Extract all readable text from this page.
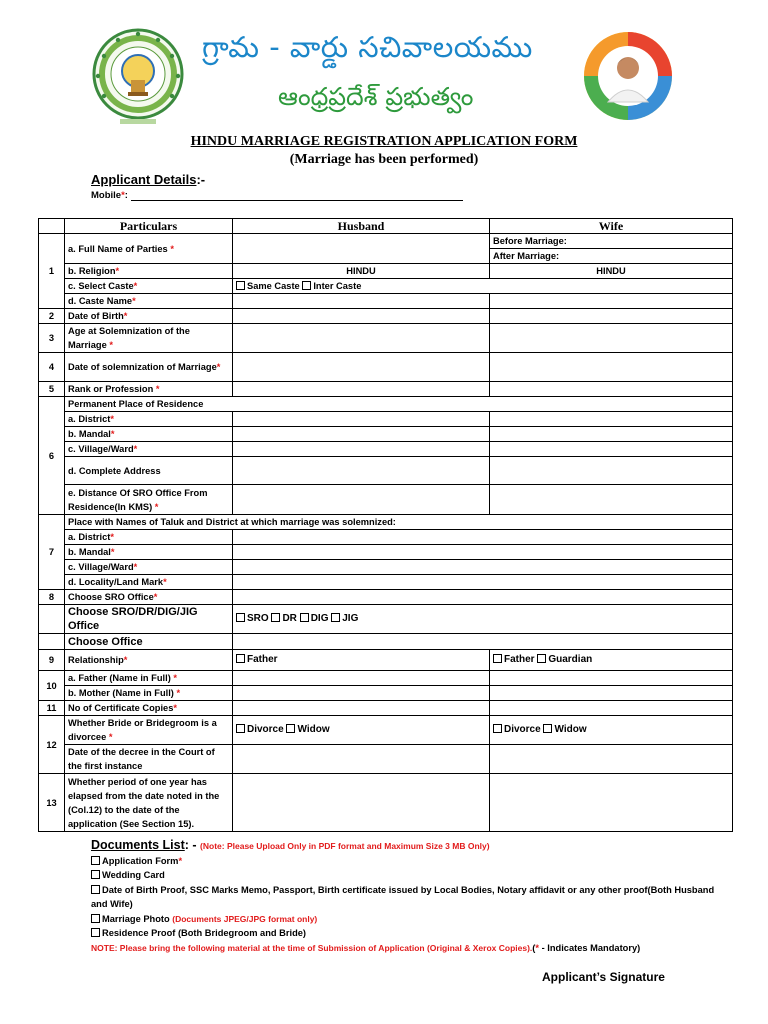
గ్రామ - వార్డు సచివాలయము
ఆంధ్రప్రదేశ్ ప్రభుత్వం
HINDU MARRIAGE REGISTRATION APPLICATION FORM
(Marriage has been performed)
Applicant Details:-
Mobile*:
	Particulars	Husband	Wife
1	a. Full Name of Parties *		Before Marriage:
			After Marriage:
	b. Religion*	HINDU	HINDU
	c. Select Caste*	Same Caste Inter Caste	
	d. Caste Name*		
2	Date of Birth*		
3	Age at Solemnization of the Marriage *		
4	Date of solemnization of Marriage*		
5	Rank or Profession *		
6	Permanent Place of Residence		
	a. District*		
	b. Mandal*		
	c. Village/Ward*		
	d. Complete Address		
	e. Distance Of SRO Office From Residence(In KMS) *		
7	Place with Names of Taluk and District at which marriage was solemnized:		
	a. District*		
	b. Mandal*		
	c. Village/Ward*		
	d. Locality/Land Mark*		
8	Choose SRO Office*		
	Choose SRO/DR/DIG/JIG Office	SRO DR DIG JIG	
	Choose Office		
9	Relationship*	Father	Father Guardian
10	a. Father (Name in Full) *		
	b. Mother (Name in Full) *		
11	No of Certificate Copies*		
12	Whether Bride or Bridegroom is a divorcee *	Divorce Widow	Divorce Widow
	Date of the decree in the Court of the first instance		
13	Whether period of one year has elapsed from the date noted in the (Col.12) to the date of the application (See Section 15).		
Documents List: - (Note: Please Upload Only in PDF format and Maximum Size 3 MB Only)
Application Form*
Wedding Card
Date of Birth Proof, SSC Marks Memo, Passport, Birth certificate issued by Local Bodies, Notary affidavit or any other proof(Both Husband and Wife)
Marriage Photo (Documents JPEG/JPG format only)
Residence Proof (Both Bridegroom and Bride)
NOTE: Please bring the following material at the time of Submission of Application (Original & Xerox Copies).(* - Indicates Mandatory)
Applicant’s Signature
